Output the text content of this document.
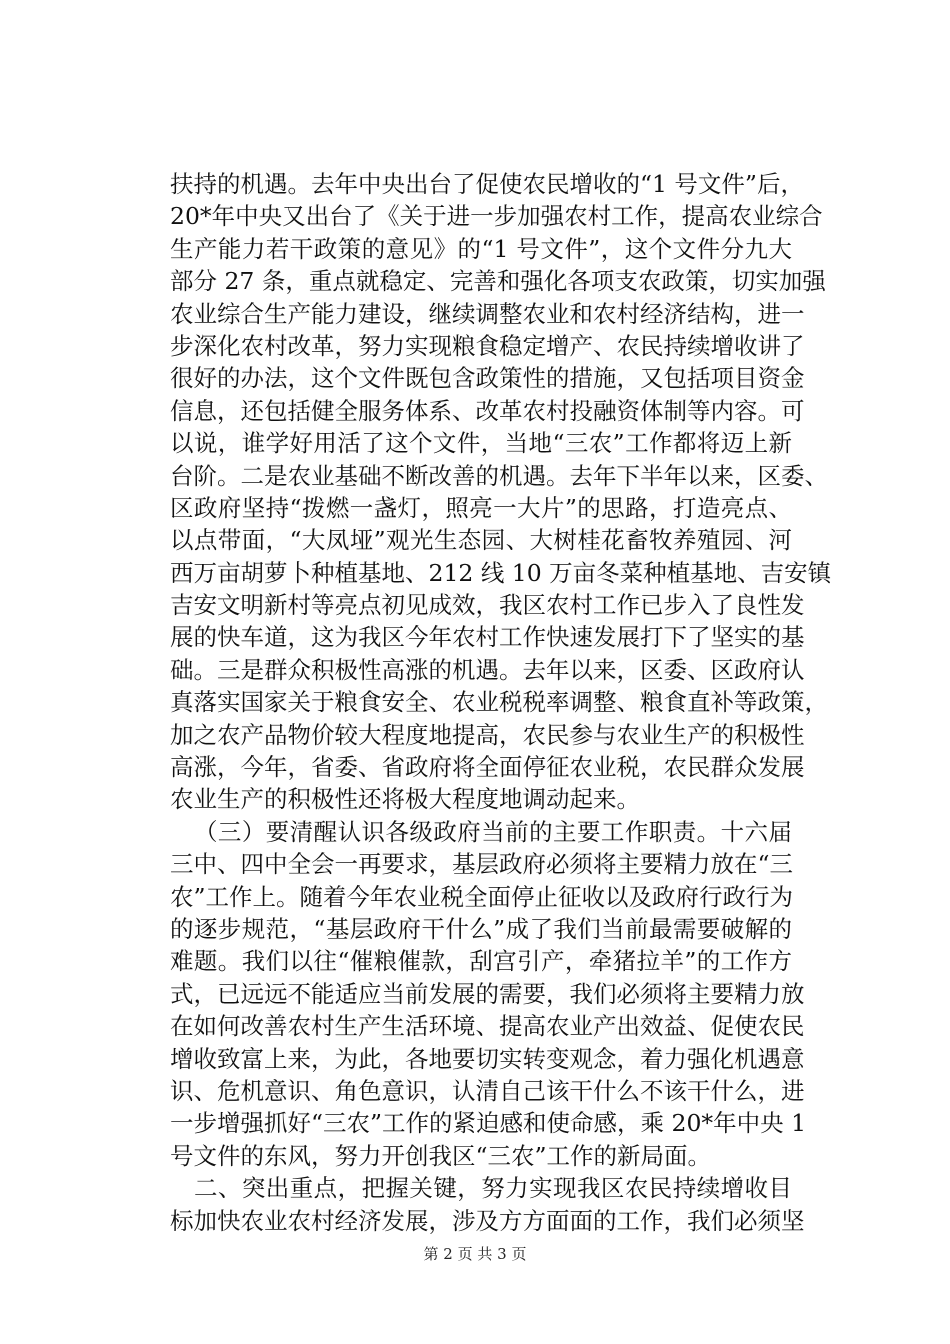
扶持的机遇。去年中央出台了促使农民增收的“1 号文件”后，
20*年中央又出台了《关于进一步加强农村工作，提高农业综合
生产能力若干政策的意见》的“1 号文件”，这个文件分九大
部分 27 条，重点就稳定、完善和强化各项支农政策，切实加强
农业综合生产能力建设，继续调整农业和农村经济结构，进一
步深化农村改革，努力实现粮食稳定增产、农民持续增收讲了
很好的办法，这个文件既包含政策性的措施，又包括项目资金
信息，还包括健全服务体系、改革农村投融资体制等内容。可
以说，谁学好用活了这个文件，当地“三农”工作都将迈上新
台阶。二是农业基础不断改善的机遇。去年下半年以来，区委、
区政府坚持“拨燃一盏灯，照亮一大片”的思路，打造亮点、
以点带面，“大凤垭”观光生态园、大树桂花畜牧养殖园、河
西万亩胡萝卜种植基地、212 线 10 万亩冬菜种植基地、吉安镇
吉安文明新村等亮点初见成效，我区农村工作已步入了良性发
展的快车道，这为我区今年农村工作快速发展打下了坚实的基
础。三是群众积极性高涨的机遇。去年以来，区委、区政府认
真落实国家关于粮食安全、农业税税率调整、粮食直补等政策，
加之农产品物价较大程度地提高，农民参与农业生产的积极性
高涨，今年，省委、省政府将全面停征农业税，农民群众发展
农业生产的积极性还将极大程度地调动起来。
（三）要清醒认识各级政府当前的主要工作职责。十六届
三中、四中全会一再要求，基层政府必须将主要精力放在“三
农”工作上。随着今年农业税全面停止征收以及政府行政行为
的逐步规范，“基层政府干什么”成了我们当前最需要破解的
难题。我们以往“催粮催款，刮宫引产，牵猪拉羊”的工作方
式，已远远不能适应当前发展的需要，我们必须将主要精力放
在如何改善农村生产生活环境、提高农业产出效益、促使农民
增收致富上来，为此，各地要切实转变观念，着力强化机遇意
识、危机意识、角色意识，认清自己该干什么不该干什么，进
一步增强抓好“三农”工作的紧迫感和使命感，乘 20*年中央 1
号文件的东风，努力开创我区“三农”工作的新局面。
二、突出重点，把握关键，努力实现我区农民持续增收目
标加快农业农村经济发展，涉及方方面面的工作，我们必须坚
第 2 页 共 3 页
